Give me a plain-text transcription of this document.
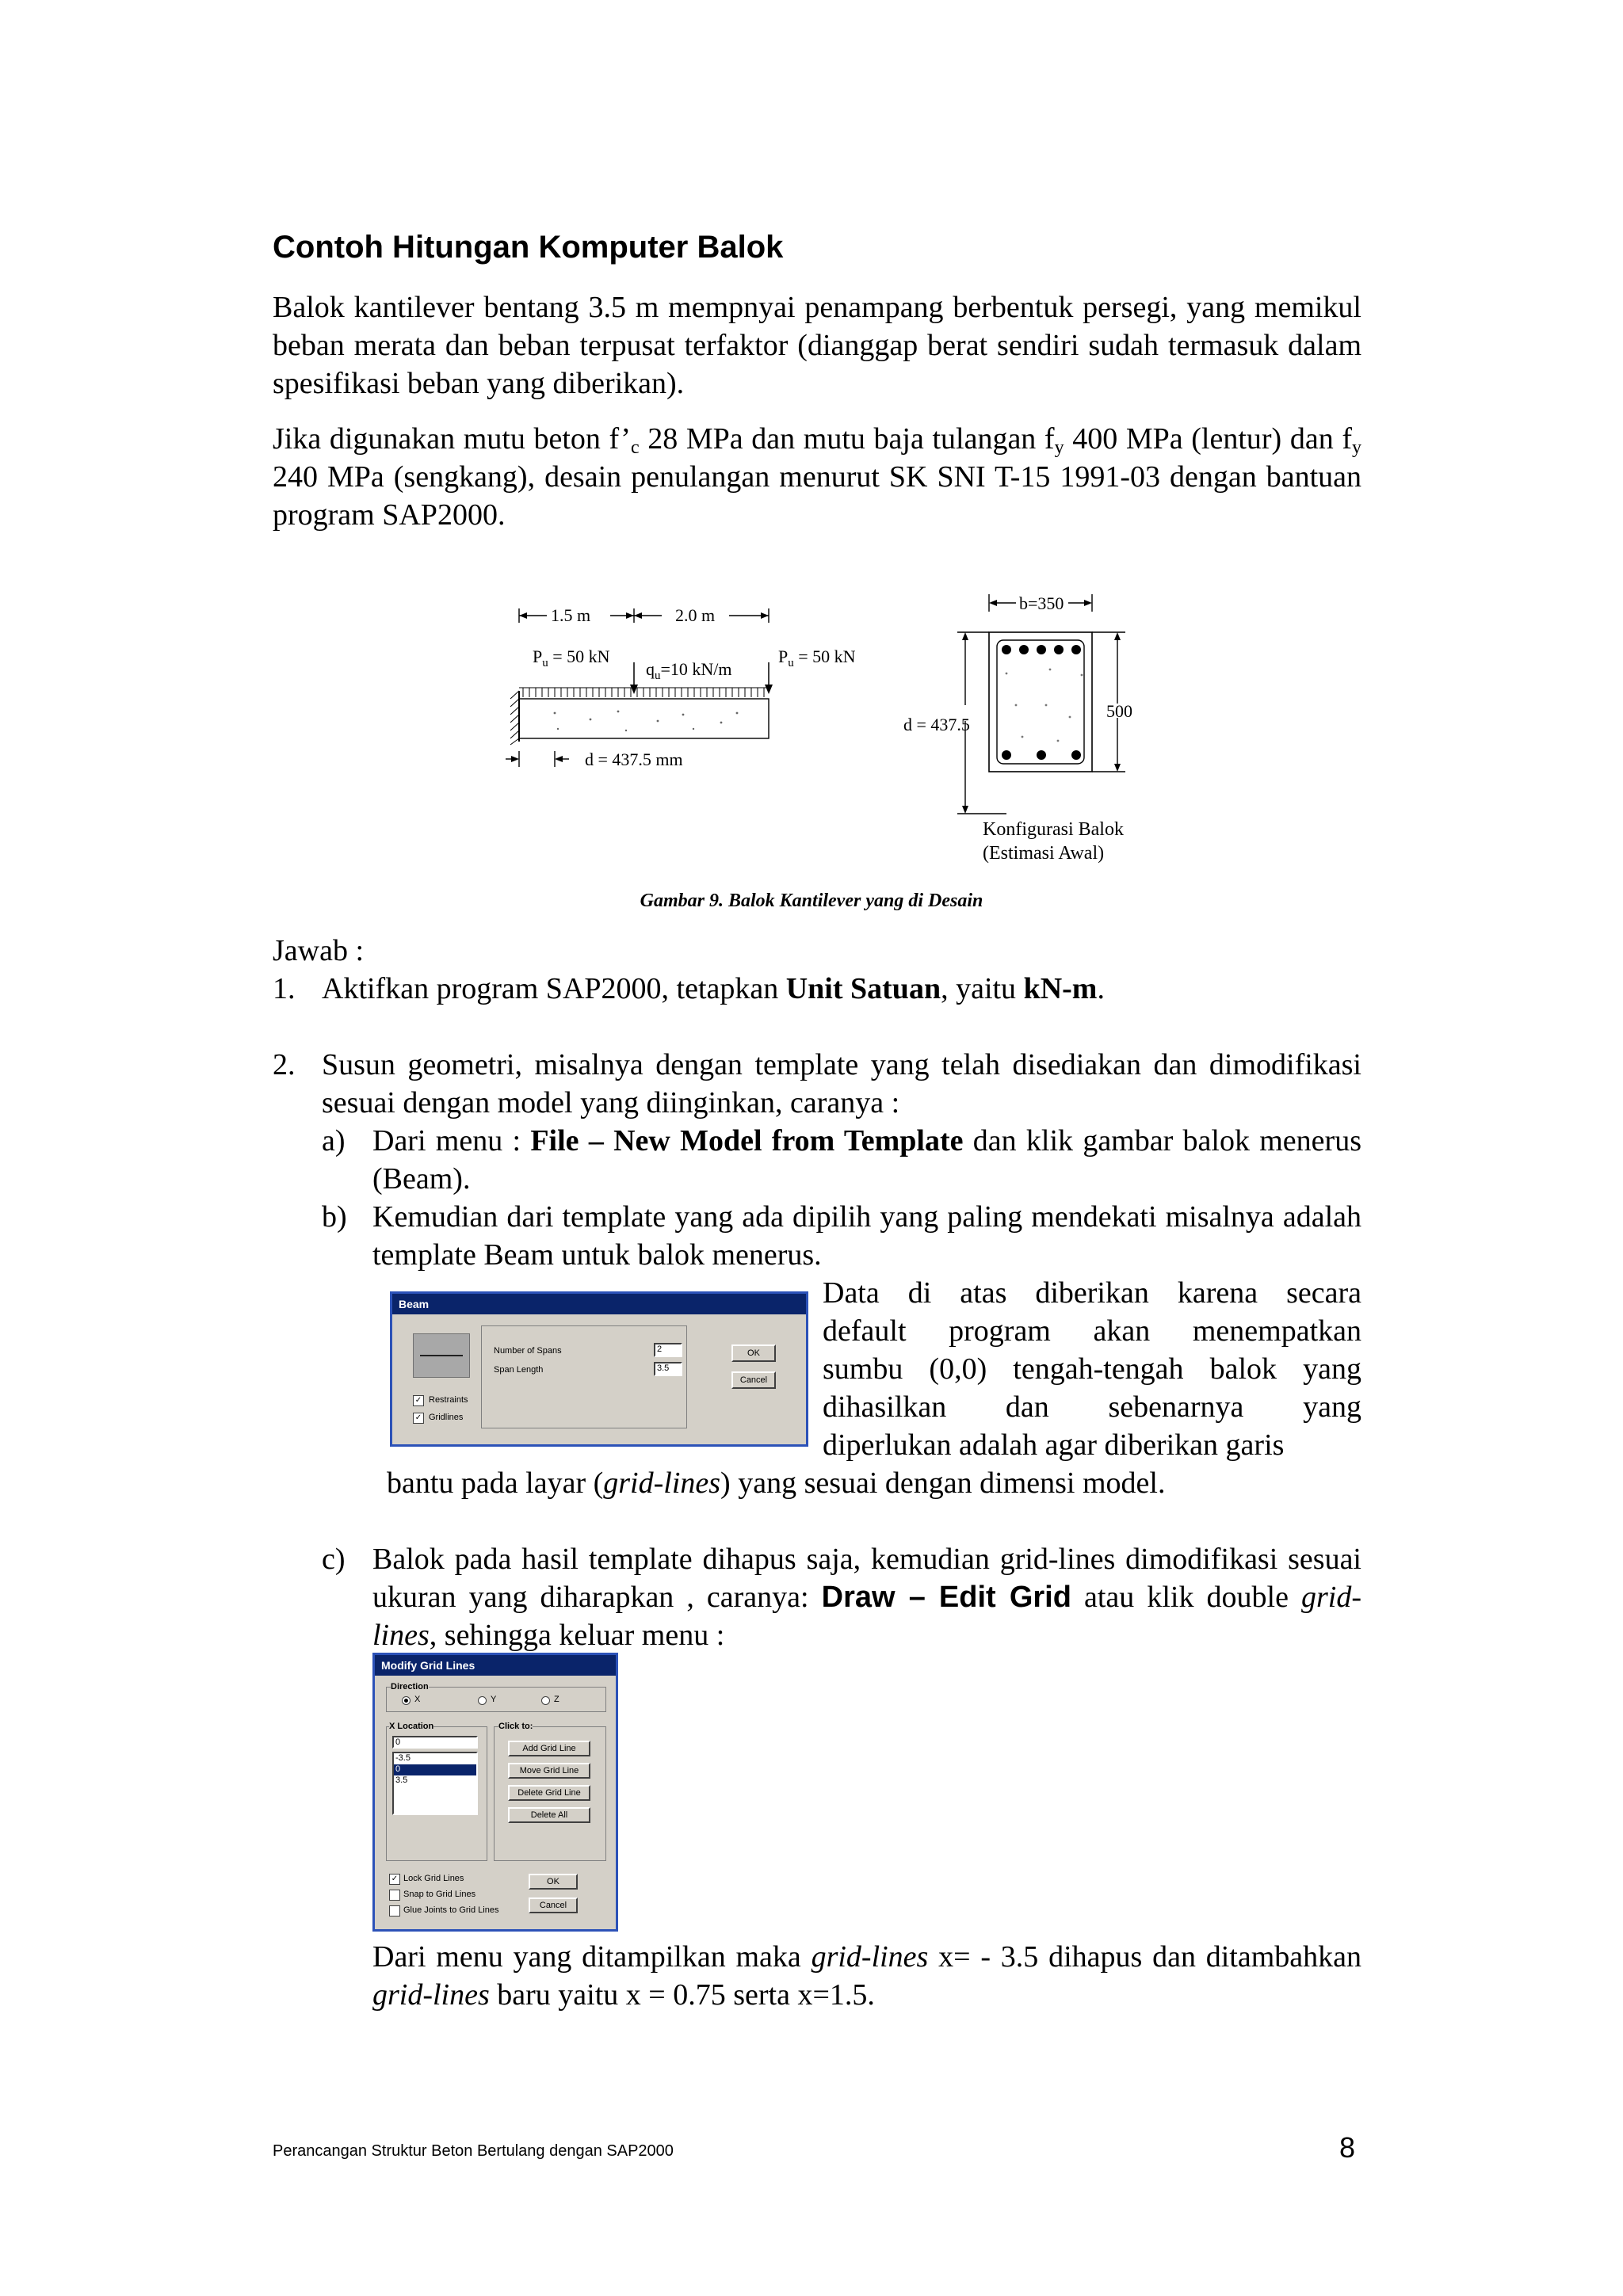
Contoh Hitungan Komputer Balok
Balok kantilever bentang 3.5 m mempnyai penampang berbentuk persegi, yang memikul beban merata dan beban terpusat terfaktor (dianggap berat sendiri sudah termasuk dalam spesifikasi beban yang diberikan).
Jika digunakan mutu beton $f’_c$ 28 MPa dan mutu baja tulangan $f_y$ 400 MPa (lentur) dan $f_y$ 240 MPa (sengkang), desain penulangan menurut SK SNI T-15 1991-03 dengan bantuan program SAP2000.
1.5 m	2.0 m
$P_u = 50$ kN
$q_u=10$ kN/m
$P_u = 50$ kN
d = 437.5 mm
b=350
500
d = 437.5
Konfigurasi Balok
(Estimasi Awal)
Gambar 9. Balok Kantilever yang di Desain
Jawab :
1. Aktifkan program SAP2000, tetapkan Unit Satuan, yaitu kN-m.
2. Susun geometri, misalnya dengan template yang telah disediakan dan dimodifikasi sesuai dengan model yang diinginkan, caranya :
a) Dari menu : File – New Model from Template dan klik gambar balok menerus (Beam).
b) Kemudian dari template yang ada dipilih yang paling mendekati misalnya adalah template Beam untuk balok menerus.
Beam
Number of Spans	2
Span Length	3.5
OK
Cancel
✓ Restraints
✓ Gridlines
Data di atas diberikan karena secara
default program akan menempatkan
sumbu (0,0) tengah-tengah balok yang
dihasilkan dan sebenarnya yang
diperlukan adalah agar diberikan garis
bantu pada layar (grid-lines) yang sesuai dengan dimensi model.
c) Balok pada hasil template dihapus saja, kemudian grid-lines dimodifikasi sesuai ukuran yang diharapkan , caranya: Draw – Edit Grid atau klik double grid-lines, sehingga keluar menu :
Modify Grid Lines
Direction
X	Y	Z
X Location
0
-3.5
0
3.5
Click to:
Add Grid Line
Move Grid Line
Delete Grid Line
Delete All
✓ Lock Grid Lines
Snap to Grid Lines
Glue Joints to Grid Lines
OK
Cancel
Dari menu yang ditampilkan maka grid-lines x= - 3.5 dihapus dan ditambahkan grid-lines baru yaitu x = 0.75 serta x=1.5.
Perancangan Struktur Beton Bertulang dengan SAP2000	8
